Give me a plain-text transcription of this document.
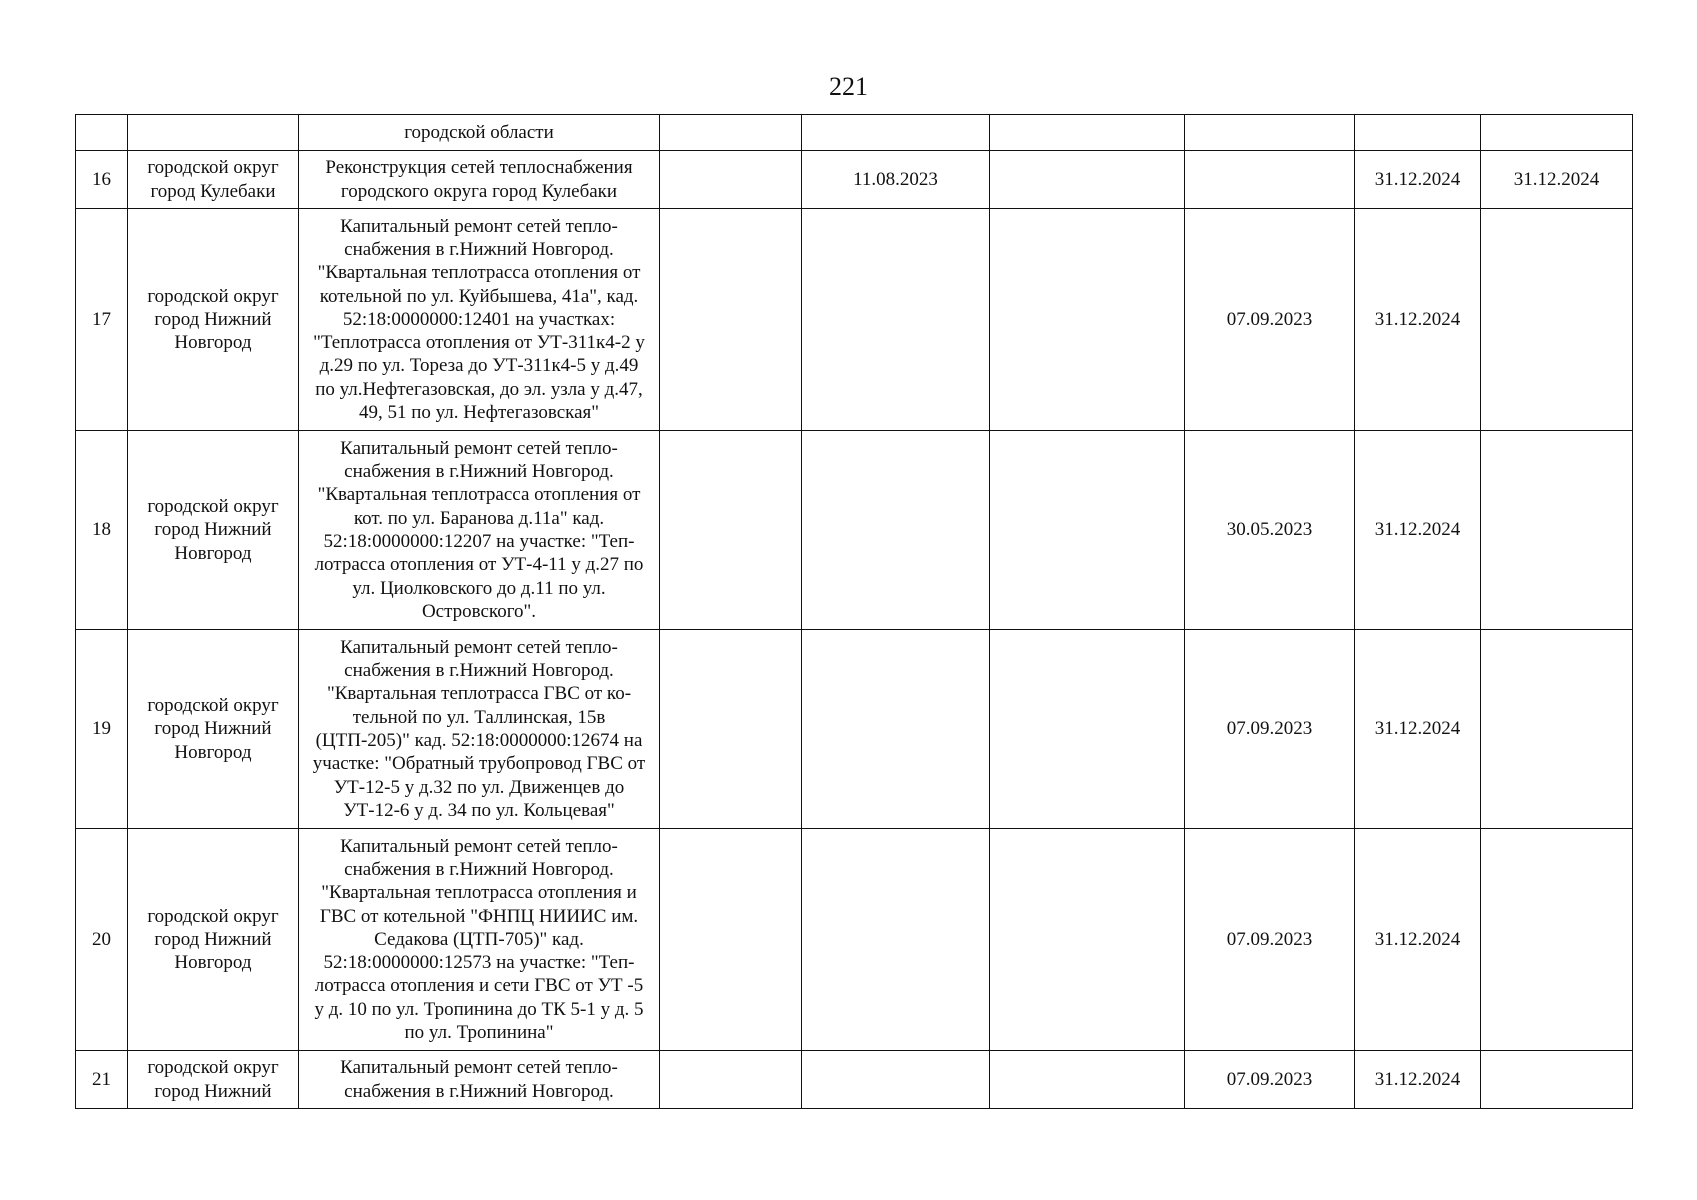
221
		городской области						
16	городской округ город Кулебаки	Реконструкция сетей теплоснабжения городского округа город Кулебаки		11.08.2023			31.12.2024	31.12.2024
17	городской округ город Нижний Новгород	Капитальный ремонт сетей тепло-снабжения в г.Нижний Новгород. "Квартальная теплотрасса отопления от котельной по ул. Куйбышева, 41а", кад. 52:18:0000000:12401 на участках: "Теплотрасса отопления от УТ-311к4-2 у д.29 по ул. Тореза до УТ-311к4-5 у д.49 по ул.Нефтегазовская, до эл. узла у д.47, 49, 51 по ул. Нефтегазовская"				07.09.2023	31.12.2024	
18	городской округ город Нижний Новгород	Капитальный ремонт сетей тепло-снабжения в г.Нижний Новгород. "Квартальная теплотрасса отопления от кот. по ул. Баранова д.11а" кад. 52:18:0000000:12207 на участке: "Теп-лотрасса отопления от УТ-4-11 у д.27 по ул. Циолковского до д.11 по ул. Островского".				30.05.2023	31.12.2024	
19	городской округ город Нижний Новгород	Капитальный ремонт сетей тепло-снабжения в г.Нижний Новгород. "Квартальная теплотрасса ГВС от ко-тельной по ул. Таллинская, 15в (ЦТП-205)" кад. 52:18:0000000:12674 на участке: "Обратный трубопровод ГВС от УТ-12-5 у д.32 по ул. Движенцев до УТ-12-6 у д. 34 по ул. Кольцевая"				07.09.2023	31.12.2024	
20	городской округ город Нижний Новгород	Капитальный ремонт сетей тепло-снабжения в г.Нижний Новгород. "Квартальная теплотрасса отопления и ГВС от котельной "ФНПЦ НИИИС им. Седакова (ЦТП-705)" кад. 52:18:0000000:12573 на участке: "Теп-лотрасса отопления и сети ГВС от УТ -5 у д. 10 по ул. Тропинина до ТК 5-1 у д. 5 по ул. Тропинина"				07.09.2023	31.12.2024	
21	городской округ город Нижний	Капитальный ремонт сетей тепло-снабжения в г.Нижний Новгород.				07.09.2023	31.12.2024	
